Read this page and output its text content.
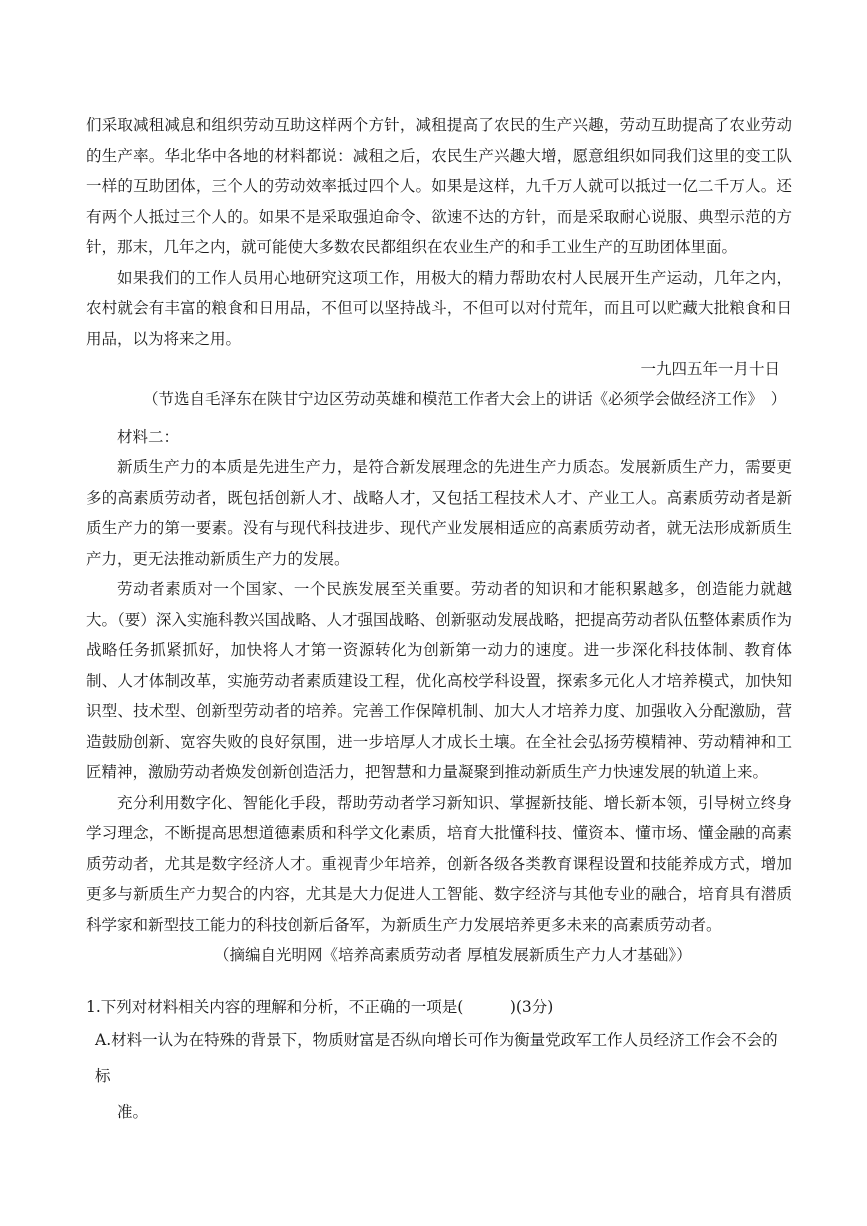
们采取减租减息和组织劳动互助这样两个方针，减租提高了农民的生产兴趣，劳动互助提高了农业劳动的生产率。华北华中各地的材料都说：减租之后，农民生产兴趣大增，愿意组织如同我们这里的变工队一样的互助团体，三个人的劳动效率抵过四个人。如果是这样，九千万人就可以抵过一亿二千万人。还有两个人抵过三个人的。如果不是采取强迫命令、欲速不达的方针，而是采取耐心说服、典型示范的方针，那末，几年之内，就可能使大多数农民都组织在农业生产的和手工业生产的互助团体里面。

如果我们的工作人员用心地研究这项工作，用极大的精力帮助农村人民展开生产运动，几年之内，农村就会有丰富的粮食和日用品，不但可以坚持战斗，不但可以对付荒年，而且可以贮藏大批粮食和日用品，以为将来之用。

一九四五年一月十日

（节选自毛泽东在陕甘宁边区劳动英雄和模范工作者大会上的讲话《必须学会做经济工作》　）

材料二：

新质生产力的本质是先进生产力，是符合新发展理念的先进生产力质态。发展新质生产力，需要更多的高素质劳动者，既包括创新人才、战略人才，又包括工程技术人才、产业工人。高素质劳动者是新质生产力的第一要素。没有与现代科技进步、现代产业发展相适应的高素质劳动者，就无法形成新质生产力，更无法推动新质生产力的发展。

劳动者素质对一个国家、一个民族发展至关重要。劳动者的知识和才能积累越多，创造能力就越大。（要）深入实施科教兴国战略、人才强国战略、创新驱动发展战略，把提高劳动者队伍整体素质作为战略任务抓紧抓好，加快将人才第一资源转化为创新第一动力的速度。进一步深化科技体制、教育体制、人才体制改革，实施劳动者素质建设工程，优化高校学科设置，探索多元化人才培养模式，加快知识型、技术型、创新型劳动者的培养。完善工作保障机制、加大人才培养力度、加强收入分配激励，营造鼓励创新、宽容失败的良好氛围，进一步培厚人才成长土壤。在全社会弘扬劳模精神、劳动精神和工匠精神，激励劳动者焕发创新创造活力，把智慧和力量凝聚到推动新质生产力快速发展的轨道上来。

充分利用数字化、智能化手段，帮助劳动者学习新知识、掌握新技能、增长新本领，引导树立终身学习理念，不断提高思想道德素质和科学文化素质，培育大批懂科技、懂资本、懂市场、懂金融的高素质劳动者，尤其是数字经济人才。重视青少年培养，创新各级各类教育课程设置和技能养成方式，增加更多与新质生产力契合的内容，尤其是大力促进人工智能、数字经济与其他专业的融合，培育具有潜质科学家和新型技工能力的科技创新后备军，为新质生产力发展培养更多未来的高素质劳动者。

（摘编自光明网《培养高素质劳动者 厚植发展新质生产力人才基础》）

1.下列对材料相关内容的理解和分析，不正确的一项是(　　　)(3分)

A.材料一认为在特殊的背景下，物质财富是否纵向增长可作为衡量党政军工作人员经济工作会不会的标

准。
